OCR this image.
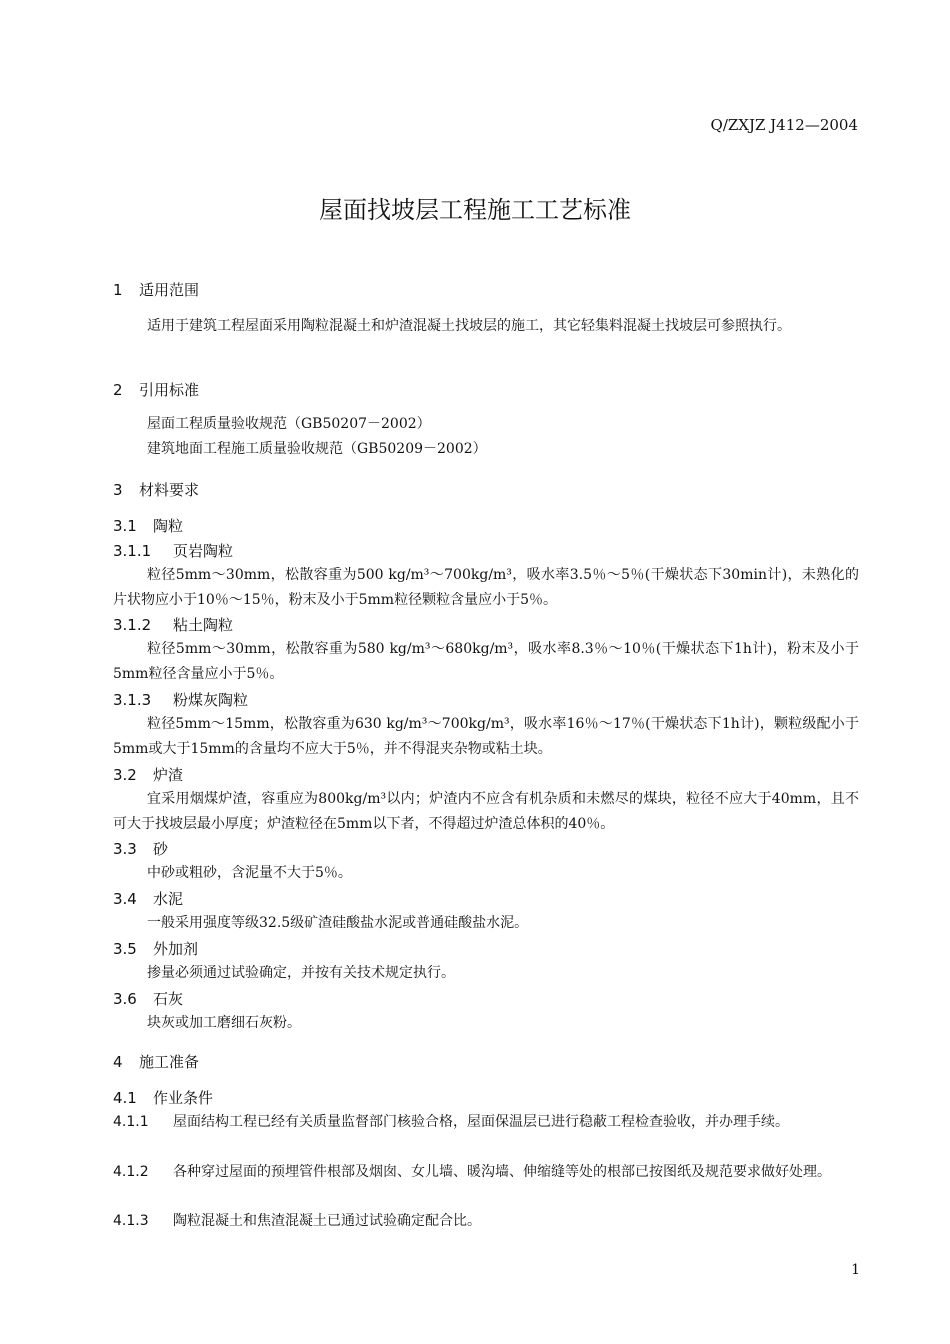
Q/ZXJZ J412—2004
屋面找坡层工程施工工艺标准
1 适用范围
适用于建筑工程屋面采用陶粒混凝土和炉渣混凝土找坡层的施工，其它轻集料混凝土找坡层可参照执行。
2 引用标准
屋面工程质量验收规范（GB50207－2002）
建筑地面工程施工质量验收规范（GB50209－2002）
3 材料要求
3.1 陶粒
3.1.1 页岩陶粒
粒径5mm～30mm，松散容重为500 kg/m³～700kg/m³，吸水率3.5％～5％(干燥状态下30min计)，未熟化的片状物应小于10％～15％，粉末及小于5mm粒径颗粒含量应小于5％。
3.1.2 粘土陶粒
粒径5mm～30mm，松散容重为580 kg/m³～680kg/m³，吸水率8.3％～10％(干燥状态下1h计)，粉末及小于5mm粒径含量应小于5％。
3.1.3 粉煤灰陶粒
粒径5mm～15mm，松散容重为630 kg/m³～700kg/m³，吸水率16％～17％(干燥状态下1h计)，颗粒级配小于5mm或大于15mm的含量均不应大于5％，并不得混夹杂物或粘土块。
3.2 炉渣
宜采用烟煤炉渣，容重应为800kg/m³以内；炉渣内不应含有机杂质和未燃尽的煤块，粒径不应大于40mm，且不可大于找坡层最小厚度；炉渣粒径在5mm以下者，不得超过炉渣总体积的40％。
3.3 砂
中砂或粗砂，含泥量不大于5％。
3.4 水泥
一般采用强度等级32.5级矿渣硅酸盐水泥或普通硅酸盐水泥。
3.5 外加剂
掺量必须通过试验确定，并按有关技术规定执行。
3.6 石灰
块灰或加工磨细石灰粉。
4 施工准备
4.1 作业条件
4.1.1 屋面结构工程已经有关质量监督部门核验合格，屋面保温层已进行稳蔽工程检查验收，并办理手续。
4.1.2 各种穿过屋面的预埋管件根部及烟囱、女儿墙、暖沟墙、伸缩缝等处的根部已按图纸及规范要求做好处理。
4.1.3 陶粒混凝土和焦渣混凝土已通过试验确定配合比。
1
